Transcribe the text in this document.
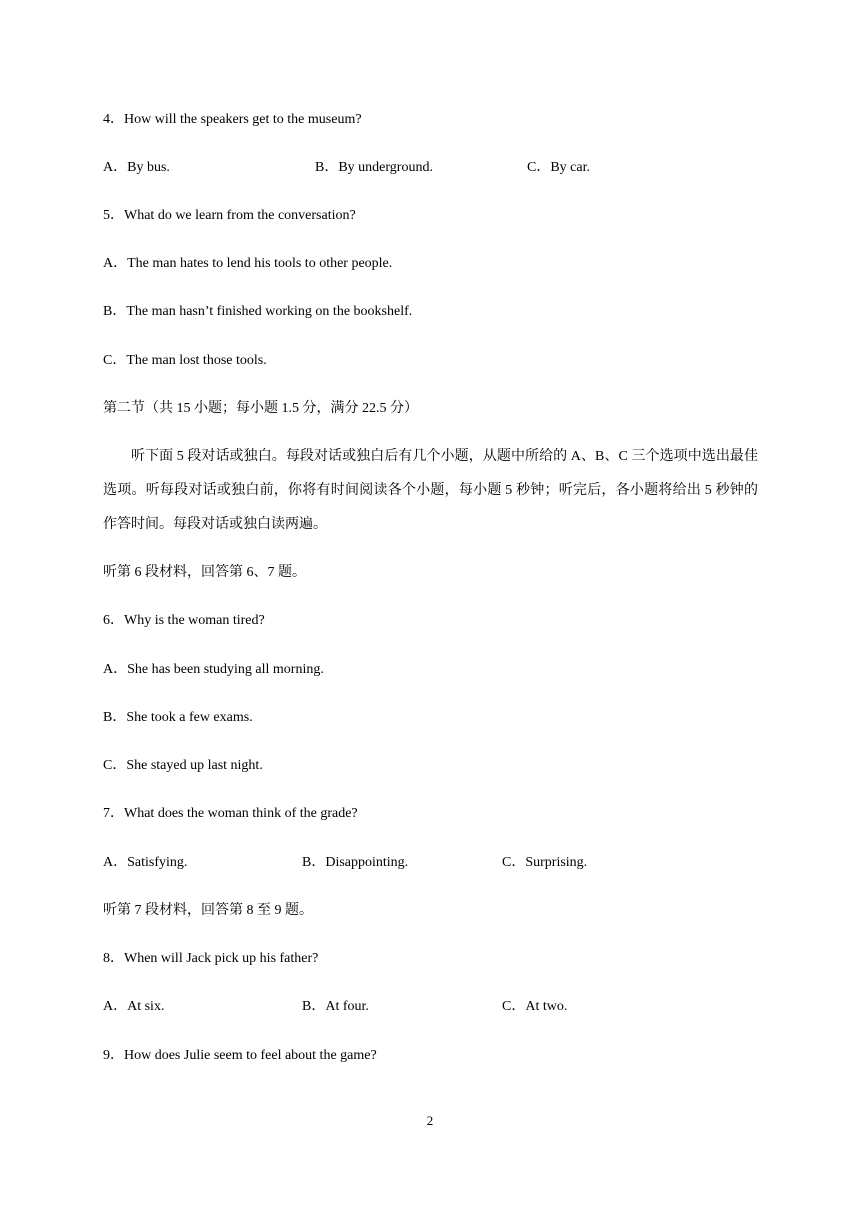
4．How will the speakers get to the museum?
A．By bus.	B．By underground.	C．By car.
5．What do we learn from the conversation?
A．The man hates to lend his tools to other people.
B．The man hasn’t finished working on the bookshelf.
C．The man lost those tools.
第二节（共 15 小题；每小题 1.5 分，满分 22.5 分）
听下面 5 段对话或独白。每段对话或独白后有几个小题，从题中所给的 A、B、C 三个选项中选出最佳选项。听每段对话或独白前，你将有时间阅读各个小题，每小题 5 秒钟；听完后，各小题将给出 5 秒钟的作答时间。每段对话或独白读两遍。
听第 6 段材料，回答第 6、7 题。
6．Why is the woman tired?
A．She has been studying all morning.
B．She took a few exams.
C．She stayed up last night.
7．What does the woman think of the grade?
A．Satisfying.	B．Disappointing.	C．Surprising.
听第 7 段材料，回答第 8 至 9 题。
8．When will Jack pick up his father?
A．At six.	B．At four.	C．At two.
9．How does Julie seem to feel about the game?
2
